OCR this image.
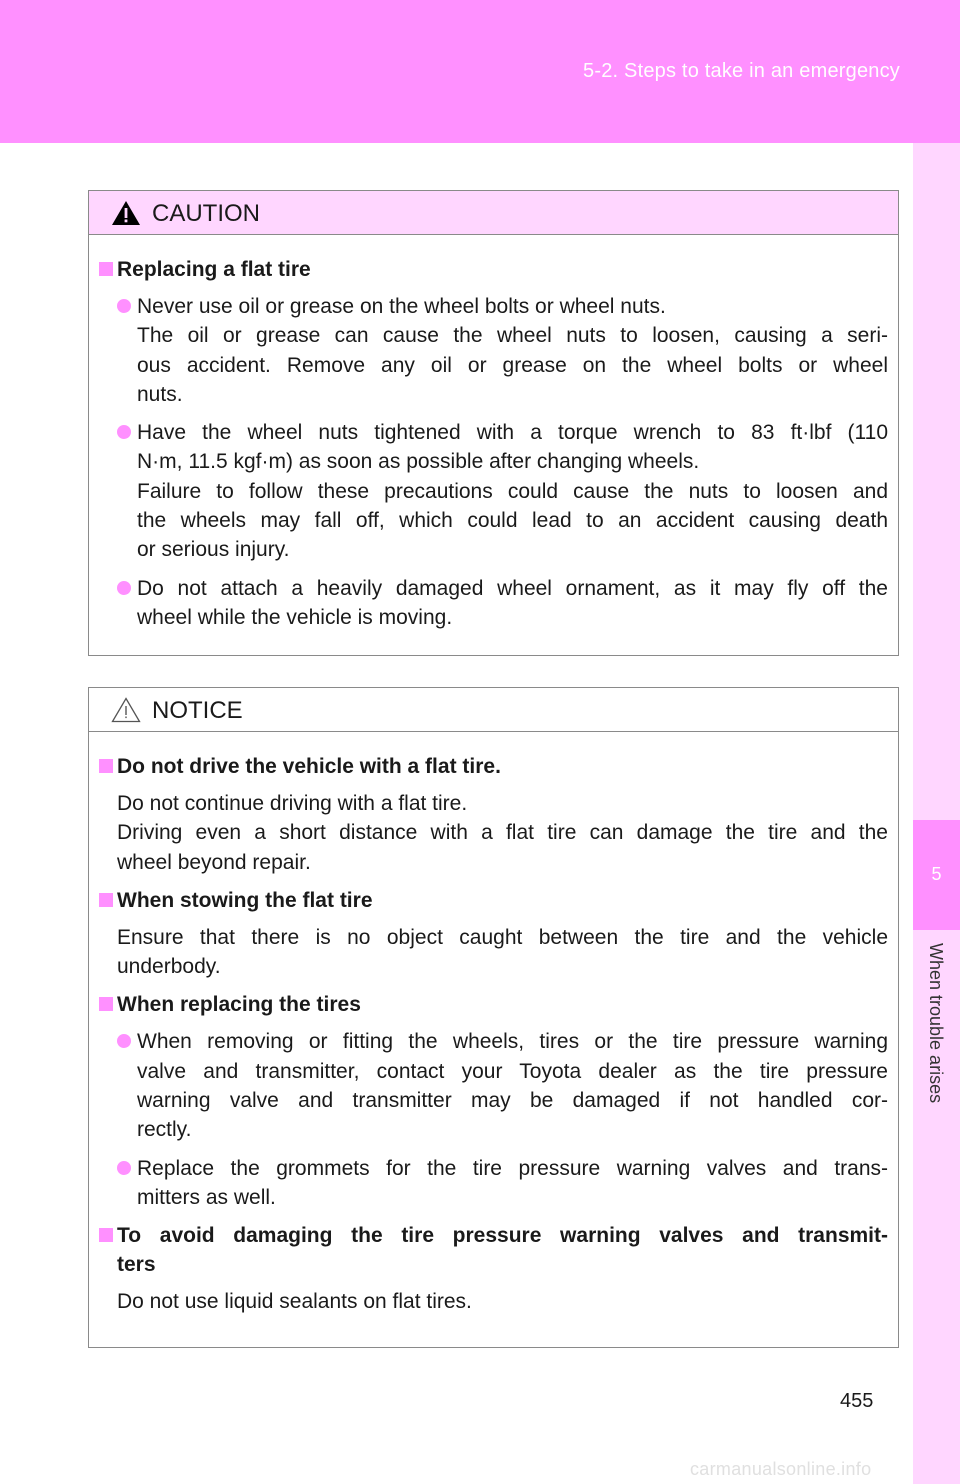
5-2. Steps to take in an emergency
5
When trouble arises
CAUTION
Replacing a flat tire
Never use oil or grease on the wheel bolts or wheel nuts.
The oil or grease can cause the wheel nuts to loosen, causing a seri-
ous accident. Remove any oil or grease on the wheel bolts or wheel
nuts.
Have the wheel nuts tightened with a torque wrench to 83 ft·lbf (110
N·m, 11.5 kgf·m) as soon as possible after changing wheels.
Failure to follow these precautions could cause the nuts to loosen and
the wheels may fall off, which could lead to an accident causing death
or serious injury.
Do not attach a heavily damaged wheel ornament, as it may fly off the
wheel while the vehicle is moving.
NOTICE
Do not drive the vehicle with a flat tire.
Do not continue driving with a flat tire.
Driving even a short distance with a flat tire can damage the tire and the
wheel beyond repair.
When stowing the flat tire
Ensure that there is no object caught between the tire and the vehicle
underbody.
When replacing the tires
When removing or fitting the wheels, tires or the tire pressure warning
valve and transmitter, contact your Toyota dealer as the tire pressure
warning valve and transmitter may be damaged if not handled cor-
rectly.
Replace the grommets for the tire pressure warning valves and trans-
mitters as well.
To avoid damaging the tire pressure warning valves and transmit-
ters
Do not use liquid sealants on flat tires.
455
carmanualsonline.info
